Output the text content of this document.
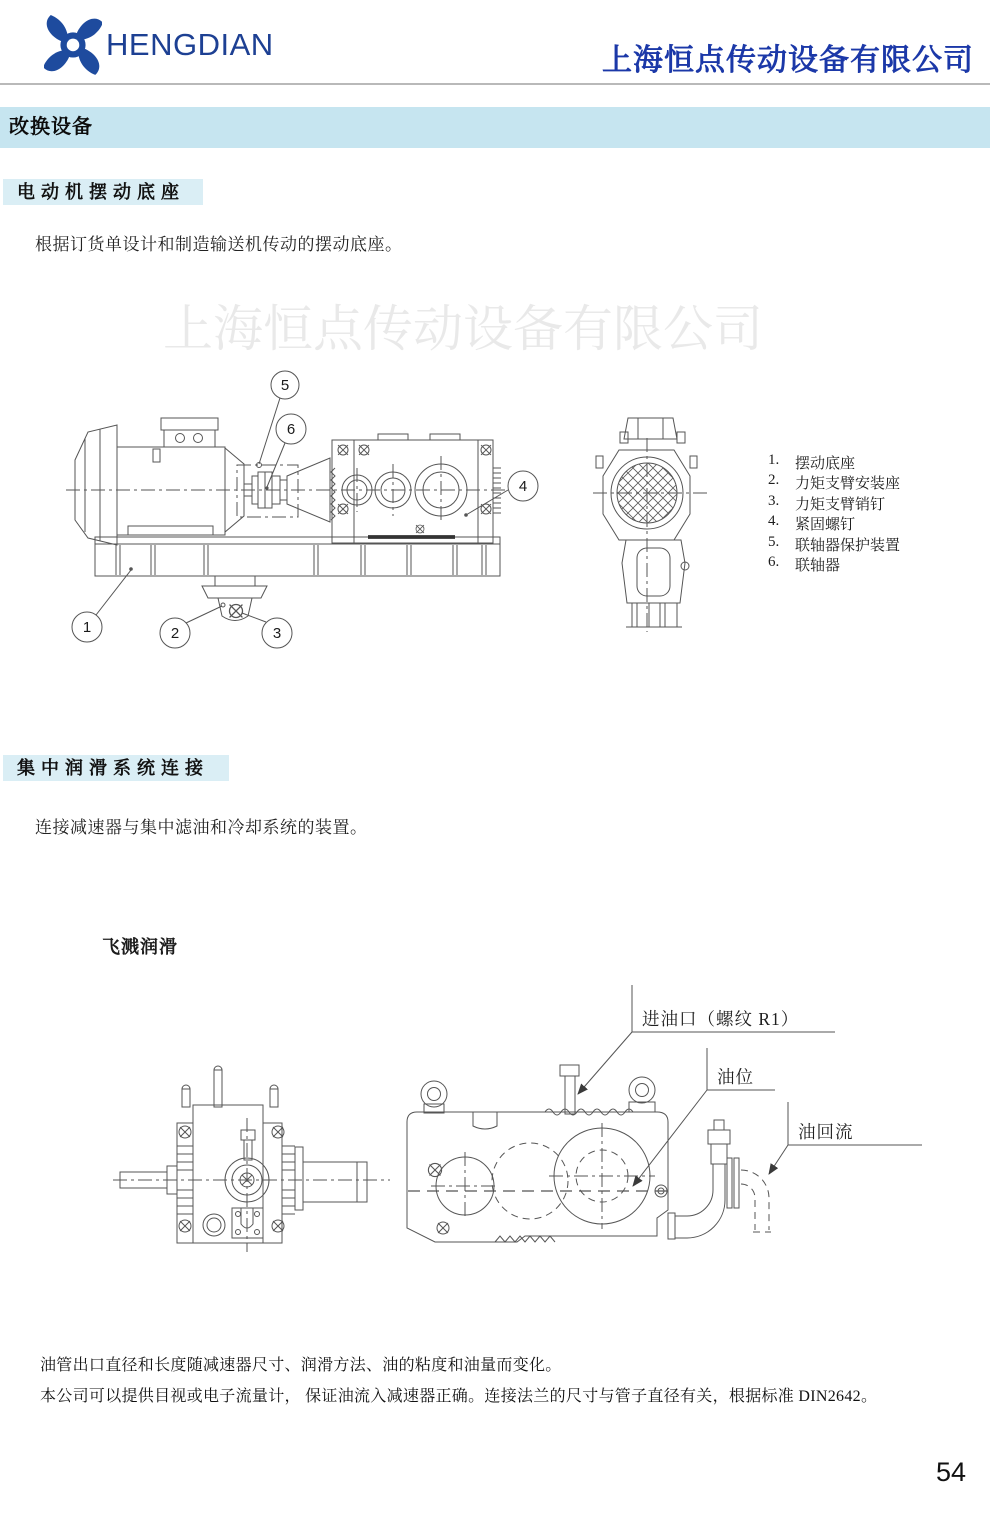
HENGDIAN	上海恒点传动设备有限公司
改换设备
电动机摆动底座
根据订货单设计和制造输送机传动的摆动底座。
上海恒点传动设备有限公司
5
6
4
1	2	3
1.	摆动底座
2.	力矩支臂安装座
3.	力矩支臂销钉
4.	紧固螺钉
5.	联轴器保护装置
6.	联轴器
集中润滑系统连接
连接减速器与集中滤油和冷却系统的装置。
飞溅润滑
进油口（螺纹 R1）
油位
油回流
油管出口直径和长度随减速器尺寸、润滑方法、油的粘度和油量而变化。
本公司可以提供目视或电子流量计， 保证油流入减速器正确。连接法兰的尺寸与管子直径有关，根据标准 DIN2642。
54
